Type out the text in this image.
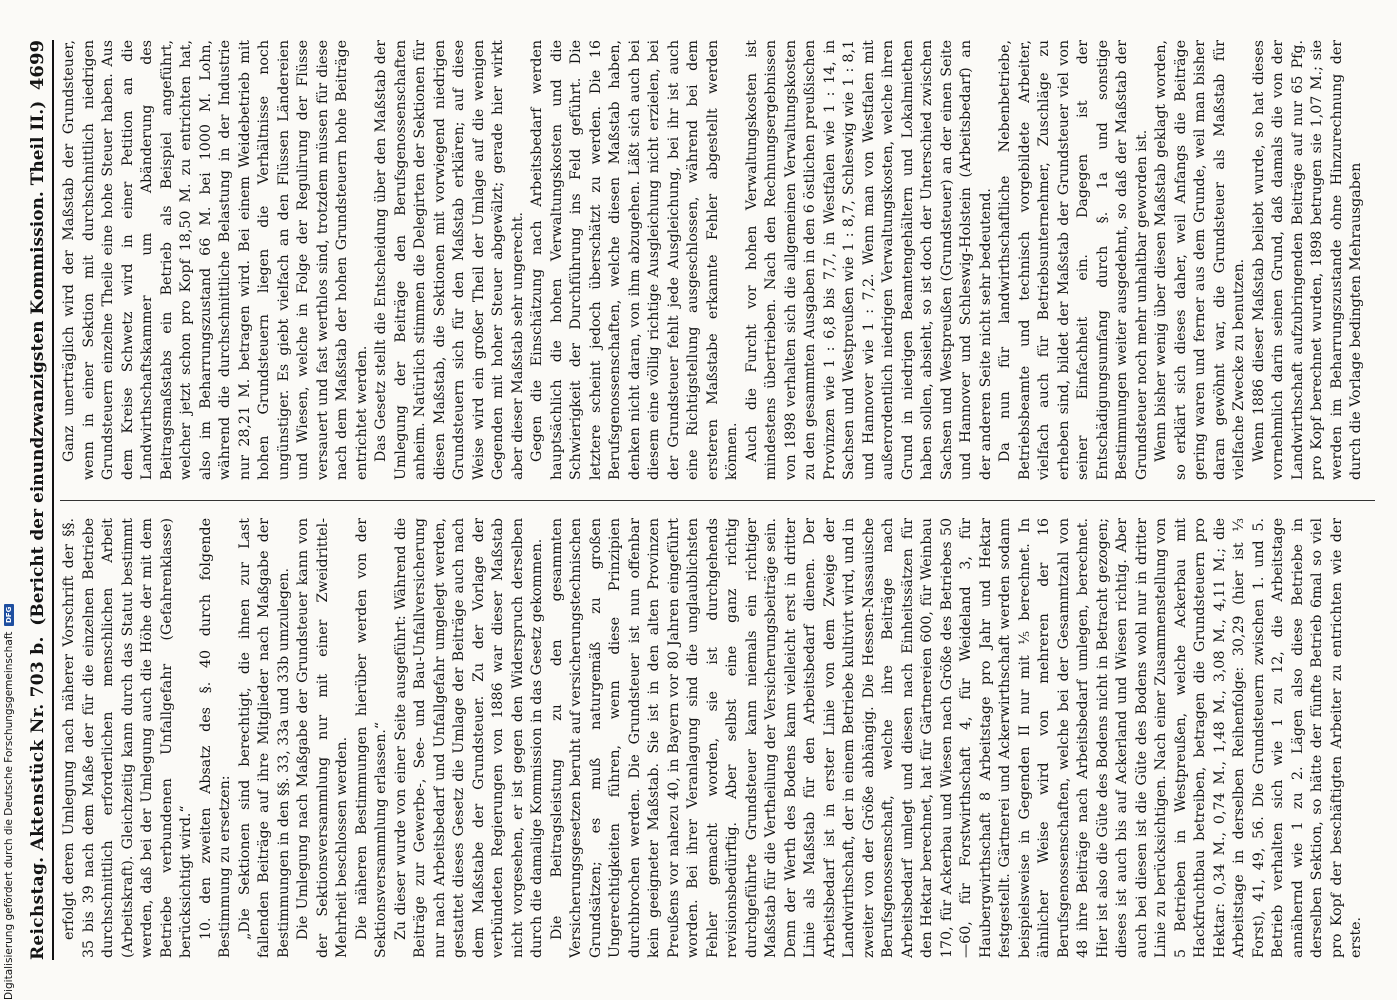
Reichstag. Aktenstück Nr. 703 b.
(Bericht der einundzwanzigsten Kommission. Theil II.)
4699

erfolgt deren Umlegung nach näherer Vorschrift der §§. 35 bis 39 nach dem Maße der für die einzelnen Betriebe durchschnittlich erforderlichen menschlichen Arbeit (Arbeitskraft). Gleichzeitig kann durch das Statut bestimmt werden, daß bei der Umlegung auch die Höhe der mit dem Betriebe verbundenen Unfallgefahr (Gefahrenklasse) berücksichtigt wird.“ 10. den zweiten Absatz des §. 40 durch folgende Bestimmung zu ersetzen: „Die Sektionen sind berechtigt, die ihnen zur Last fallenden Beiträge auf ihre Mitglieder nach Maßgabe der Bestimmungen in den §§. 33, 33a und 33b umzulegen. Die Umlegung nach Maßgabe der Grundsteuer kann von der Sektionsversammlung nur mit einer Zweidrittel-Mehrheit beschlossen werden. Die näheren Bestimmungen hierüber werden von der Sektionsversammlung erlassen.“ Zu dieser wurde von einer Seite ausgeführt: Während die Beiträge zur Gewerbe-, See- und Bau-Unfallversicherung nur nach Arbeitsbedarf und Unfallgefahr umgelegt werden, gestattet dieses Gesetz die Umlage der Beiträge auch nach dem Maßstabe der Grundsteuer. Zu der Vorlage der verbündeten Regierungen von 1886 war dieser Maßstab nicht vorgesehen, er ist gegen den Widerspruch derselben durch die damalige Kommission in das Gesetz gekommen. Die Beitragsleistung zu den gesammten Versicherungsgesetzen beruht auf versicherungstechnischen Grundsätzen; es muß naturgemäß zu großen Ungerechtigkeiten führen, wenn diese Prinzipien durchbrochen werden. Die Grundsteuer ist nun offenbar kein geeigneter Maßstab. Sie ist in den alten Provinzen Preußens vor nahezu 40, in Bayern vor 80 Jahren eingeführt worden. Bei ihrer Veranlagung sind die unglaublichsten Fehler gemacht worden, sie ist durchgehends revisionsbedürftig. Aber selbst eine ganz richtig durchgeführte Grundsteuer kann niemals ein richtiger Maßstab für die Vertheilung der Versicherungsbeiträge sein. Denn der Werth des Bodens kann vielleicht erst in dritter Linie als Maßstab für den Arbeitsbedarf dienen. Der Arbeitsbedarf ist in erster Linie von dem Zweige der Landwirthschaft, der in einem Betriebe kultivirt wird, und in zweiter von der Größe abhängig. Die Hessen-Nassauische Berufsgenossenschaft, welche ihre Beiträge nach Arbeitsbedarf umlegt und diesen nach Einheitssätzen für den Hektar berechnet, hat für Gärtnereien 600, für Weinbau 170, für Ackerbau und Wiesen nach Größe des Betriebes 50—60, für Forstwirthschaft 4, für Weideland 3, für Haubergwirthschaft 8 Arbeitstage pro Jahr und Hektar festgestellt. Gärtnerei und Ackerwirthschaft werden sodann beispielsweise in Gegenden II nur mit ⅕ berechnet. In ähnlicher Weise wird von mehreren der 16 Berufsgenossenschaften, welche bei der Gesammtzahl von 48 ihre Beiträge nach Arbeitsbedarf umlegen, berechnet. Hier ist also die Güte des Bodens nicht in Betracht gezogen; dieses ist auch bis auf Ackerland und Wiesen richtig. Aber auch bei diesen ist die Güte des Bodens wohl nur in dritter Linie zu berücksichtigen. Nach einer Zusammenstellung von 5 Betrieben in Westpreußen, welche Ackerbau mit Hackfruchtbau betreiben, betragen die Grundsteuern pro Hektar: 0,34 M., 0,74 M., 1,48 M., 3,08 M., 4,11 M.; die Arbeitstage in derselben Reihenfolge: 30,29 (hier ist ⅓ Forst), 41, 49, 56. Die Grundsteuern zwischen 1. und 5. Betrieb verhalten sich wie 1 zu 12, die Arbeitstage annähernd wie 1 zu 2. Lägen also diese Betriebe in derselben Sektion, so hätte der fünfte Betrieb 6mal so viel pro Kopf der beschäftigten Arbeiter zu entrichten wie der erste.

Ganz unerträglich wird der Maßstab der Grundsteuer, wenn in einer Sektion mit durchschnittlich niedrigen Grundsteuern einzelne Theile eine hohe Steuer haben. Aus dem Kreise Schwetz wird in einer Petition an die Landwirthschaftskammer um Abänderung des Beitragsmaßstabs ein Betrieb als Beispiel angeführt, welcher jetzt schon pro Kopf 18,50 M. zu entrichten hat, also im Beharrungszustand 66 M. bei 1000 M. Lohn, während die durchschnittliche Belastung in der Industrie nur 28,21 M. betragen wird. Bei einem Weidebetrieb mit hohen Grundsteuern liegen die Verhältnisse noch ungünstiger. Es giebt vielfach an den Flüssen Ländereien und Wiesen, welche in Folge der Regulirung der Flüsse versauert und fast werthlos sind, trotzdem müssen für diese nach dem Maßstab der hohen Grundsteuern hohe Beiträge entrichtet werden. Das Gesetz stellt die Entscheidung über den Maßstab der Umlegung der Beiträge den Berufsgenossenschaften anheim. Natürlich stimmen die Delegirten der Sektionen für diesen Maßstab, die Sektionen mit vorwiegend niedrigen Grundsteuern sich für den Maßstab erklären; auf diese Weise wird ein großer Theil der Umlage auf die wenigen Gegenden mit hoher Steuer abgewälzt; gerade hier wirkt aber dieser Maßstab sehr ungerecht. Gegen die Einschätzung nach Arbeitsbedarf werden hauptsächlich die hohen Verwaltungskosten und die Schwierigkeit der Durchführung ins Feld geführt. Die letztere scheint jedoch überschätzt zu werden. Die 16 Berufsgenossenschaften, welche diesen Maßstab haben, denken nicht daran, von ihm abzugehen. Läßt sich auch bei diesem eine völlig richtige Ausgleichung nicht erzielen, bei der Grundsteuer fehlt jede Ausgleichung, bei ihr ist auch eine Richtigstellung ausgeschlossen, während bei dem ersteren Maßstabe erkannte Fehler abgestellt werden können. Auch die Furcht vor hohen Verwaltungskosten ist mindestens übertrieben. Nach den Rechnungsergebnissen von 1898 verhalten sich die allgemeinen Verwaltungskosten zu den gesammten Ausgaben in den 6 östlichen preußischen Provinzen wie 1 : 6,8 bis 7,7, in Westfalen wie 1 : 14, in Sachsen und Westpreußen wie 1 : 8,7, Schleswig wie 1 : 8,1 und Hannover wie 1 : 7,2. Wenn man von Westfalen mit außerordentlich niedrigen Verwaltungskosten, welche ihren Grund in niedrigen Beamtengehältern und Lokalmiethen haben sollen, absieht, so ist doch der Unterschied zwischen Sachsen und Westpreußen (Grundsteuer) an der einen Seite und Hannover und Schleswig-Holstein (Arbeitsbedarf) an der anderen Seite nicht sehr bedeutend. Da nun für landwirthschaftliche Nebenbetriebe, Betriebsbeamte und technisch vorgebildete Arbeiter, vielfach auch für Betriebsunternehmer, Zuschläge zu erheben sind, bildet der Maßstab der Grundsteuer viel von seiner Einfachheit ein. Dagegen ist der Entschädigungsumfang durch §. 1a und sonstige Bestimmungen weiter ausgedehnt, so daß der Maßstab der Grundsteuer noch mehr unhaltbar geworden ist. Wenn bisher wenig über diesen Maßstab geklagt worden, so erklärt sich dieses daher, weil Anfangs die Beiträge gering waren und ferner aus dem Grunde, weil man bisher daran gewöhnt war, die Grundsteuer als Maßstab für vielfache Zwecke zu benutzen. Wenn 1886 dieser Maßstab beliebt wurde, so hat dieses vornehmlich darin seinen Grund, daß damals die von der Landwirthschaft aufzubringenden Beiträge auf nur 65 Pfg. pro Kopf berechnet wurden, 1898 betrugen sie 1,07 M.; sie werden im Beharrungszustande ohne Hinzurechnung der durch die Vorlage bedingten Mehrausgaben

Digitalisierung gefördert durch die Deutsche Forschungsgemeinschaft
DFG
